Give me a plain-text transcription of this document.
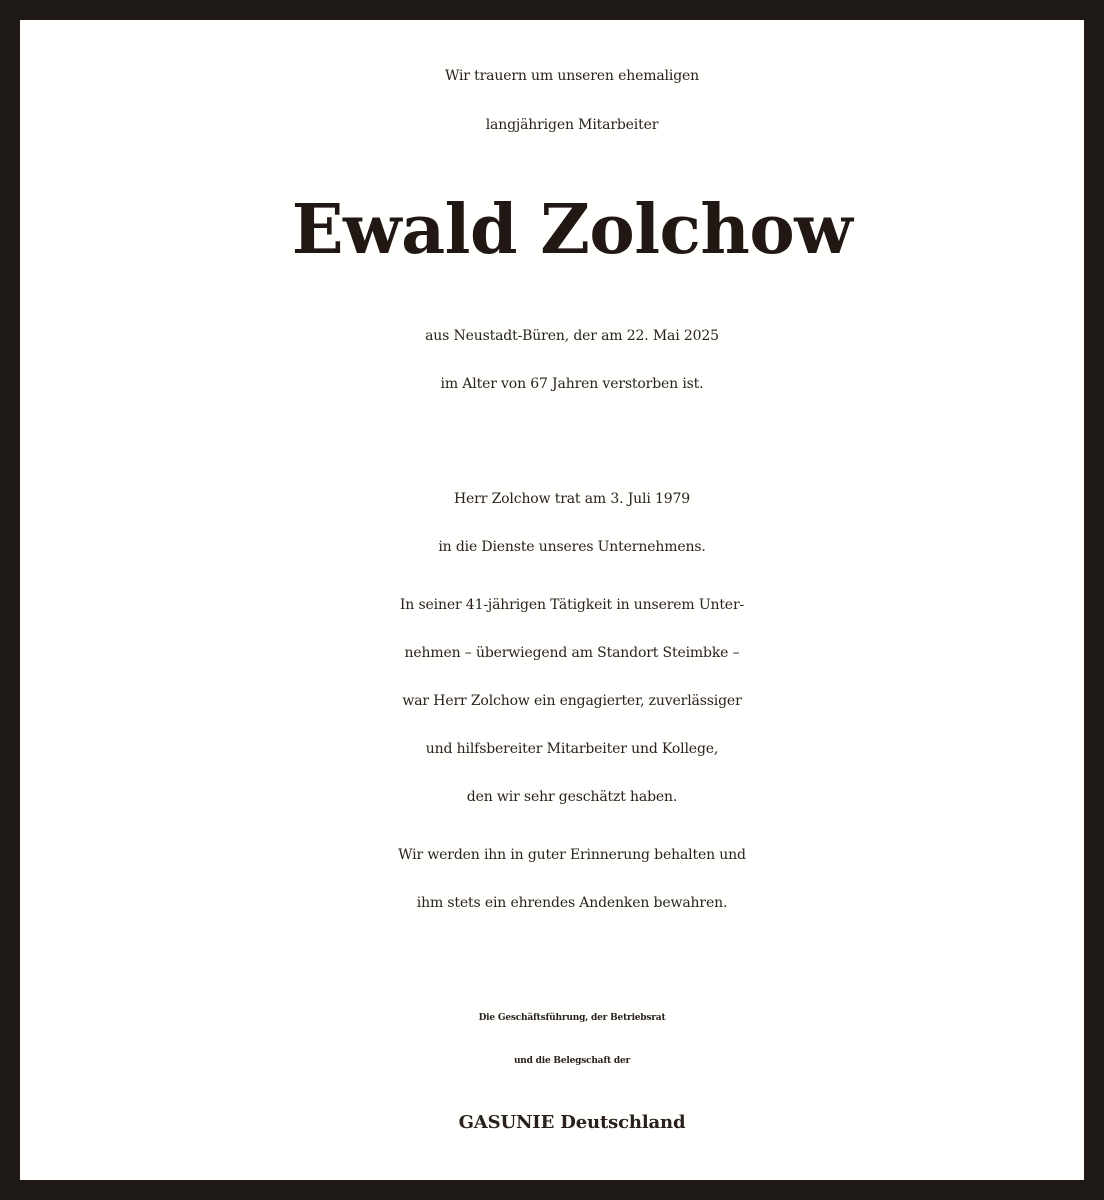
Wir trauern um unseren ehemaligen
langjährigen Mitarbeiter
Ewald Zolchow
aus Neustadt-Büren, der am 22. Mai 2025
im Alter von 67 Jahren verstorben ist.
Herr Zolchow trat am 3. Juli 1979
in die Dienste unseres Unternehmens.
In seiner 41-jährigen Tätigkeit in unserem Unter-
nehmen – überwiegend am Standort Steimbke –
war Herr Zolchow ein engagierter, zuverlässiger
und hilfsbereiter Mitarbeiter und Kollege,
den wir sehr geschätzt haben.
Wir werden ihn in guter Erinnerung behalten und
ihm stets ein ehrendes Andenken bewahren.
Die Geschäftsführung, der Betriebsrat
und die Belegschaft der
GASUNIE Deutschland
